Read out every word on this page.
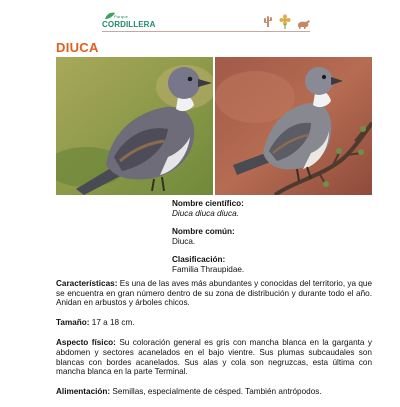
Parque
CORDILLERA
DIUCA

Nombre científico:

Diuca diuca diuca.

Nombre común:

Diuca.

Clasificación:

Familia Thraupidae.

Características: Es una de las aves más abundantes y conocidas del territorio, ya que se encuentra en gran número dentro de su zona de distribución y durante todo el año. Anidan en arbustos y árboles chicos.

Tamaño: 17 a 18 cm.

Aspecto físico: Su coloración general es gris con mancha blanca en la garganta y abdomen y sectores acanelados en el bajo vientre. Sus plumas subcaudales son blancas con bordes acanelados. Sus alas y cola son negruzcas, esta última con mancha blanca en la parte Terminal.

Alimentación: Semillas, especialmente de césped. También antrópodos.
